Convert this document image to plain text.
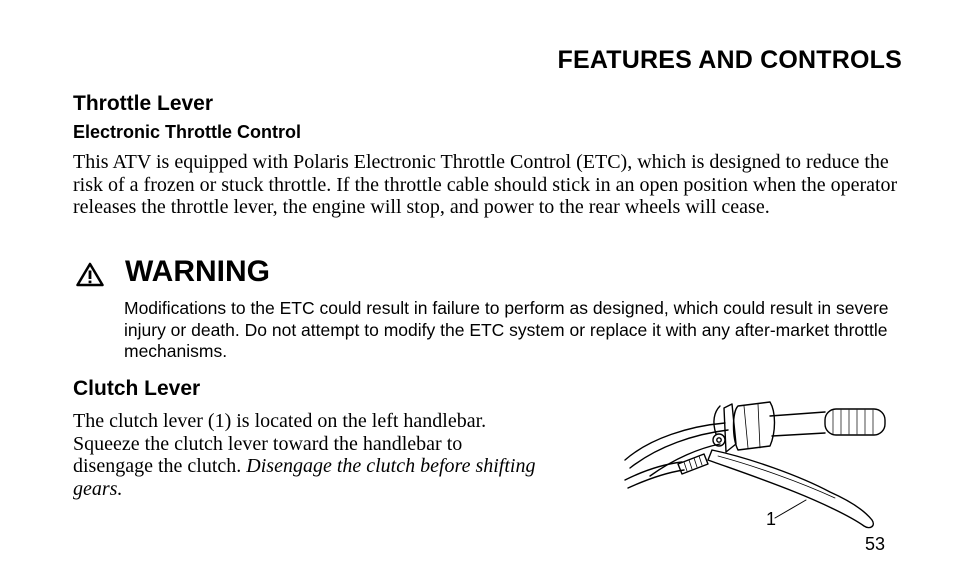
FEATURES AND CONTROLS
Throttle Lever
Electronic Throttle Control

This ATV is equipped with Polaris Electronic Throttle Control (ETC), which is designed to reduce the risk of a frozen or stuck throttle. If the throttle cable should stick in an open position when the operator releases the throttle lever, the engine will stop, and power to the rear wheels will cease.

WARNING

Modifications to the ETC could result in failure to perform as designed, which could result in severe injury or death. Do not attempt to modify the ETC system or replace it with any after-market throttle mechanisms.

Clutch Lever

The clutch lever (1) is located on the left handlebar. Squeeze the clutch lever toward the handlebar to disengage the clutch. Disengage the clutch before shifting gears.

1
53
